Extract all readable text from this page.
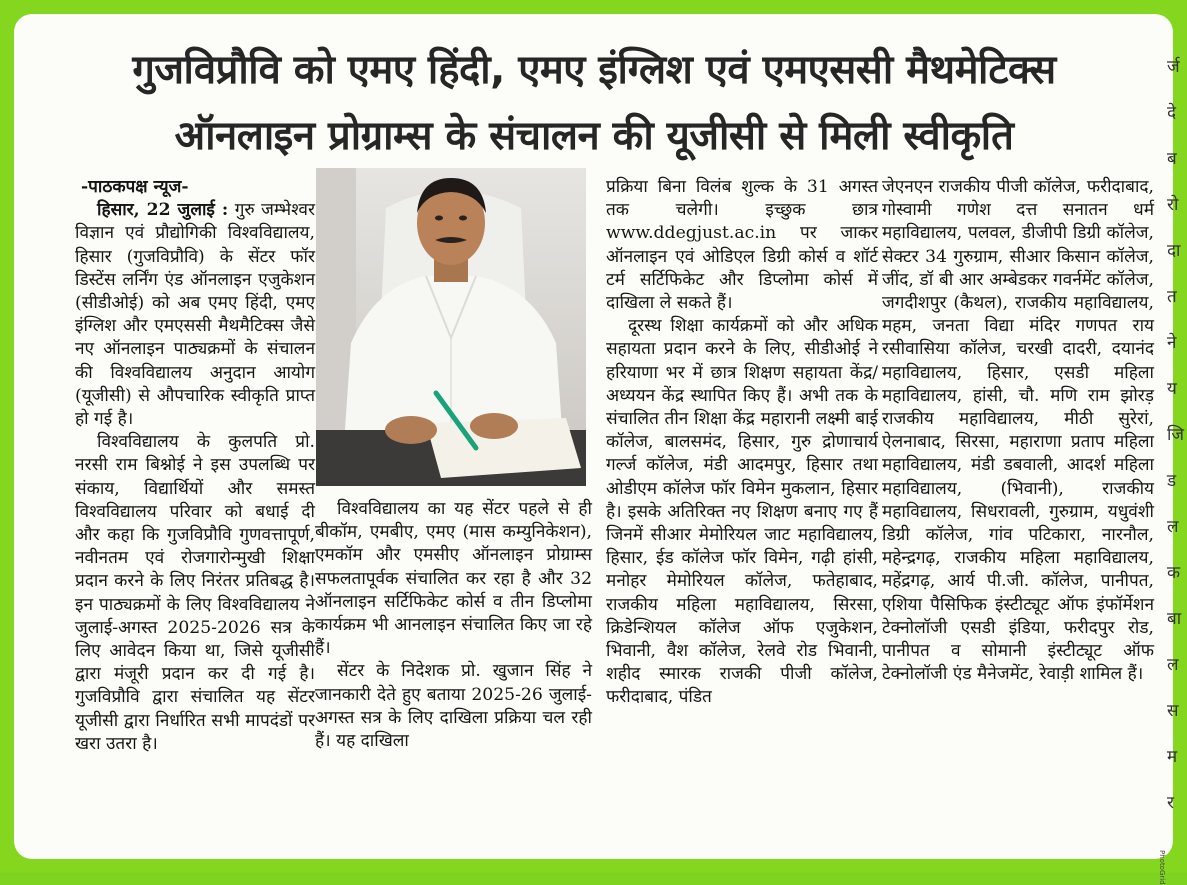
गुजविप्रौवि को एमए हिंदी, एमए इंग्लिश एवं एमएससी मैथमेटिक्स
ऑनलाइन प्रोग्राम्स के संचालन की यूजीसी से मिली स्वीकृति

-पाठकपक्ष न्यूज-

हिसार, 22 जुलाई : गुरु जम्भेश्वर विज्ञान एवं प्रौद्योगिकी विश्वविद्यालय, हिसार (गुजविप्रौवि) के सेंटर फॉर डिस्टेंस लर्निंग एंड ऑनलाइन एजुकेशन (सीडीओई) को अब एमए हिंदी, एमए इंग्लिश और एमएससी मैथमैटिक्स जैसे नए ऑनलाइन पाठ्यक्रमों के संचालन की विश्वविद्यालय अनुदान आयोग (यूजीसी) से औपचारिक स्वीकृति प्राप्त हो गई है।

विश्वविद्यालय के कुलपति प्रो. नरसी राम बिश्नोई ने इस उपलब्धि पर संकाय, विद्यार्थियों और समस्त विश्वविद्यालय परिवार को बधाई दी और कहा कि गुजविप्रौवि गुणवत्तापूर्ण, नवीनतम एवं रोजगारोन्मुखी शिक्षा प्रदान करने के लिए निरंतर प्रतिबद्ध है। इन पाठ्यक्रमों के लिए विश्वविद्यालय ने जुलाई-अगस्त 2025-2026 सत्र के लिए आवेदन किया था, जिसे यूजीसी द्वारा मंजूरी प्रदान कर दी गई है। गुजविप्रौवि द्वारा संचालित यह सेंटर यूजीसी द्वारा निर्धारित सभी मापदंडों पर खरा उतरा है।

विश्वविद्यालय का यह सेंटर पहले से ही बीकॉम, एमबीए, एमए (मास कम्युनिकेशन), एमकॉम और एमसीए ऑनलाइन प्रोग्राम्स सफलतापूर्वक संचालित कर रहा है और 32 ऑनलाइन सर्टिफिकेट कोर्स व तीन डिप्लोमा कार्यक्रम भी आनलाइन संचालित किए जा रहे हैं।

सेंटर के निदेशक प्रो. खुजान सिंह ने जानकारी देते हुए बताया 2025-26 जुलाई-अगस्त सत्र के लिए दाखिला प्रक्रिया चल रही हैं। यह दाखिला

प्रक्रिया बिना विलंब शुल्क के 31 अगस्त तक चलेगी। इच्छुक छात्र www.ddegjust.ac.in पर जाकर ऑनलाइन एवं ओडिएल डिग्री कोर्स व शॉर्ट टर्म सर्टिफिकेट और डिप्लोमा कोर्स में दाखिला ले सकते हैं।

दूरस्थ शिक्षा कार्यक्रमों को और अधिक सहायता प्रदान करने के लिए, सीडीओई ने हरियाणा भर में छात्र शिक्षण सहायता केंद्र/अध्ययन केंद्र स्थापित किए हैं। अभी तक के संचालित तीन शिक्षा केंद्र महारानी लक्ष्मी बाई कॉलेज, बालसमंद, हिसार, गुरु द्रोणाचार्य गर्ल्ज कॉलेज, मंडी आदमपुर, हिसार तथा ओडीएम कॉलेज फॉर विमेन मुकलान, हिसार है। इसके अतिरिक्त नए शिक्षण बनाए गए हैं जिनमें सीआर मेमोरियल जाट महाविद्यालय, हिसार, ईड कॉलेज फॉर विमेन, गढ़ी हांसी, मनोहर मेमोरियल कॉलेज, फतेहाबाद, राजकीय महिला महाविद्यालय, सिरसा, क्रिडेन्शियल कॉलेज ऑफ एजुकेशन, भिवानी, वैश कॉलेज, रेलवे रोड भिवानी, शहीद स्मारक राजकी पीजी कॉलेज, फरीदाबाद, पंडित

जेएनएन राजकीय पीजी कॉलेज, फरीदाबाद, गोस्वामी गणेश दत्त सनातन धर्म महाविद्यालय, पलवल, डीजीपी डिग्री कॉलेज, सेक्टर 34 गुरुग्राम, सीआर किसान कॉलेज, जींद, डॉ बी आर अम्बेडकर गवर्नमेंट कॉलेज, जगदीशपुर (कैथल), राजकीय महाविद्यालय, महम, जनता विद्या मंदिर गणपत राय रसीवासिया कॉलेज, चरखी दादरी, दयानंद महाविद्यालय, हिसार, एसडी महिला महाविद्यालय, हांसी, चौ. मणि राम झोरड़ राजकीय महाविद्यालय, मीठी सुरेरां, ऐलनाबाद, सिरसा, महाराणा प्रताप महिला महाविद्यालय, मंडी डबवाली, आदर्श महिला महाविद्यालय, (भिवानी), राजकीय महाविद्यालय, सिधरावली, गुरुग्राम, यधुवंशी डिग्री कॉलेज, गांव पटिकारा, नारनौल, महेन्द्रगढ़, राजकीय महिला महाविद्यालय, महेंद्रगढ़, आर्य पी.जी. कॉलेज, पानीपत, एशिया पैसिफिक इंस्टीट्यूट ऑफ इंफॉर्मेशन टेक्नोलॉजी एसडी इंडिया, फरीदपुर रोड, पानीपत व सोमानी इंस्टीट्यूट ऑफ टेक्नोलॉजी एंड मैनेजमेंट, रेवाड़ी शामिल हैं।

र्ज
दे
ब
रो
दा
त
ने
य
जि
ड
ल
क
बा
ल
स
म
र
PhotoGrid
